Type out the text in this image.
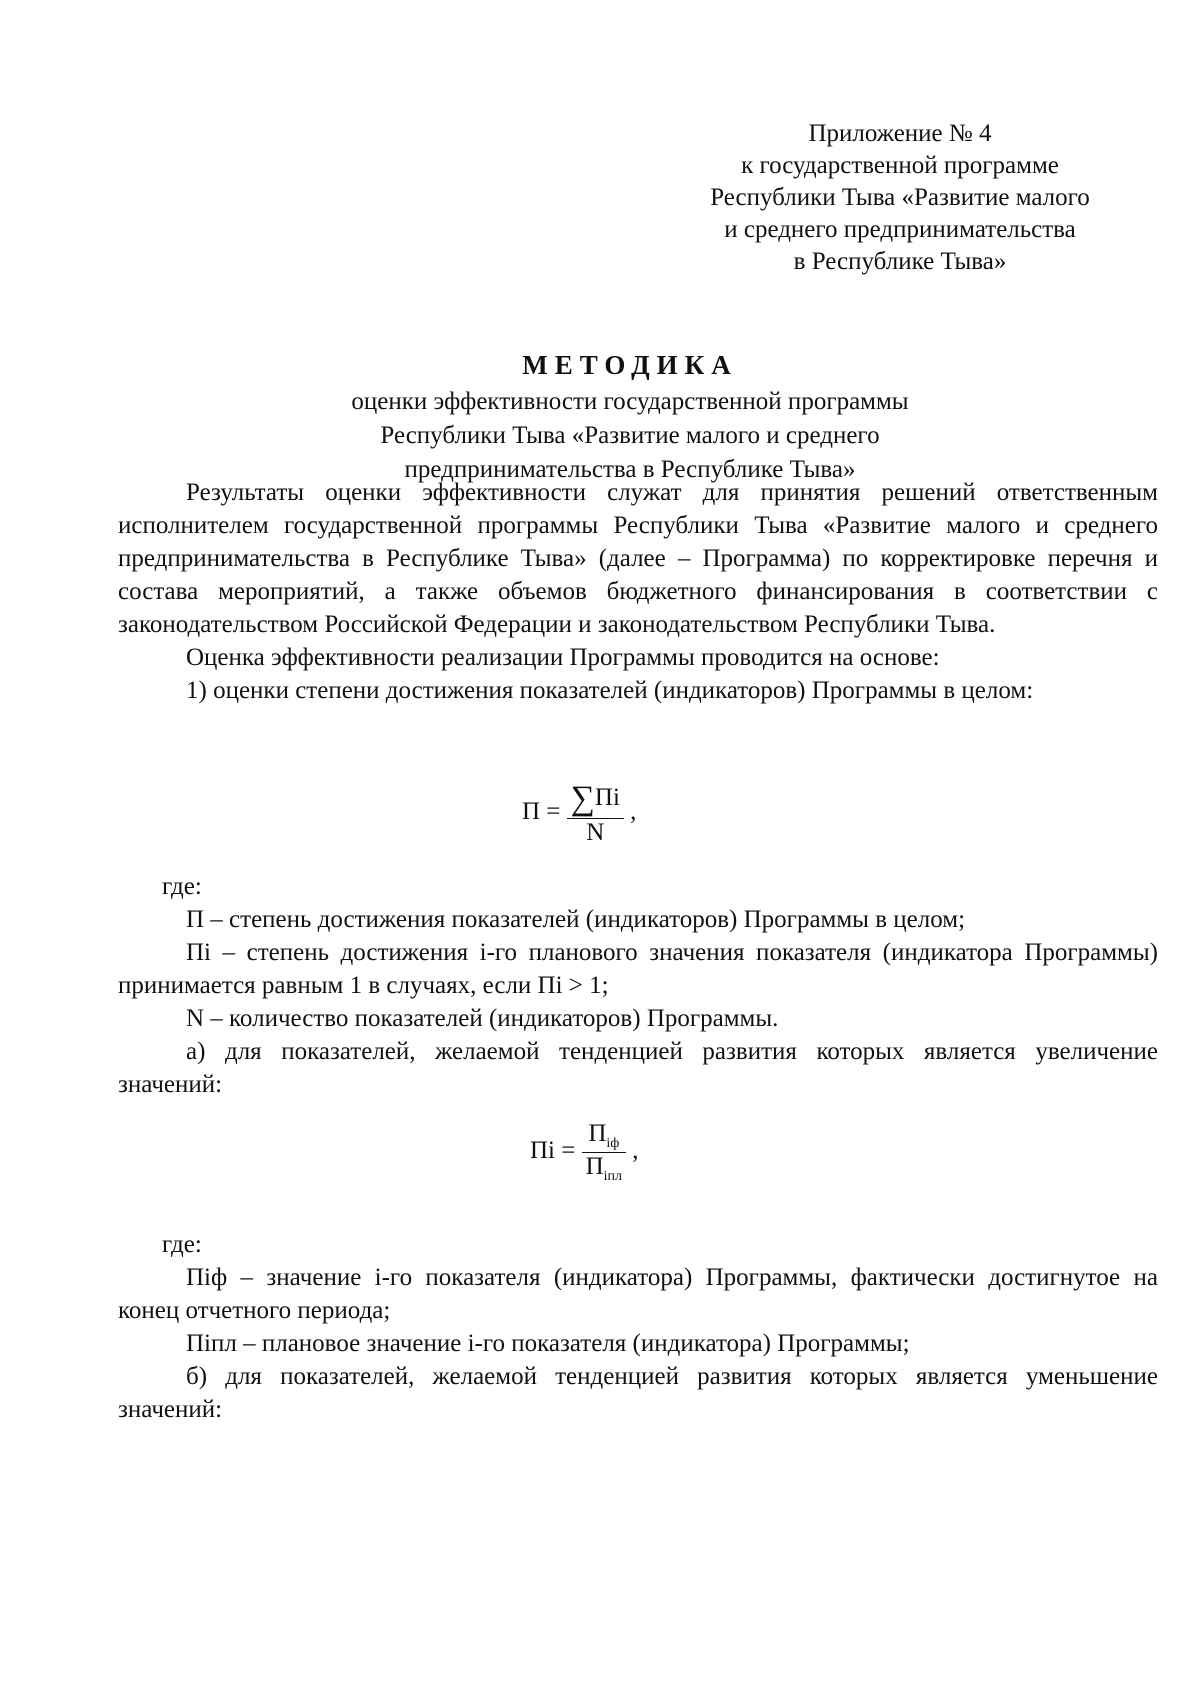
Приложение № 4
к государственной программе
Республики Тыва «Развитие малого
и среднего предпринимательства
в Республике Тыва»
МЕТОДИКА
оценки эффективности государственной программы
Республики Тыва «Развитие малого и среднего
предпринимательства в Республике Тыва»

Результаты оценки эффективности служат для принятия решений ответственным исполнителем государственной программы Республики Тыва «Развитие малого и среднего предпринимательства в Республике Тыва» (далее – Программа) по корректировке перечня и состава мероприятий, а также объемов бюджетного финансирования в соответствии с законодательством Российской Федерации и законодательством Республики Тыва.

Оценка эффективности реализации Программы проводится на основе:

1) оценки степени достижения показателей (индикаторов) Программы в целом:

$П = \frac{\sum Пi}{N}$ ,

где:

П – степень достижения показателей (индикаторов) Программы в целом;

Пi – степень достижения i-го планового значения показателя (индикатора Программы) принимается равным 1 в случаях, если Пi > 1;

N – количество показателей (индикаторов) Программы.

а) для показателей, желаемой тенденцией развития которых является увеличение значений:

Пi = $\frac{П_{iф}}{П_{iпл}}$ ,

где:

Пiф – значение i-го показателя (индикатора) Программы, фактически достигнутое на конец отчетного периода;

Пiпл – плановое значение i-го показателя (индикатора) Программы;

б) для показателей, желаемой тенденцией развития которых является уменьшение значений:
